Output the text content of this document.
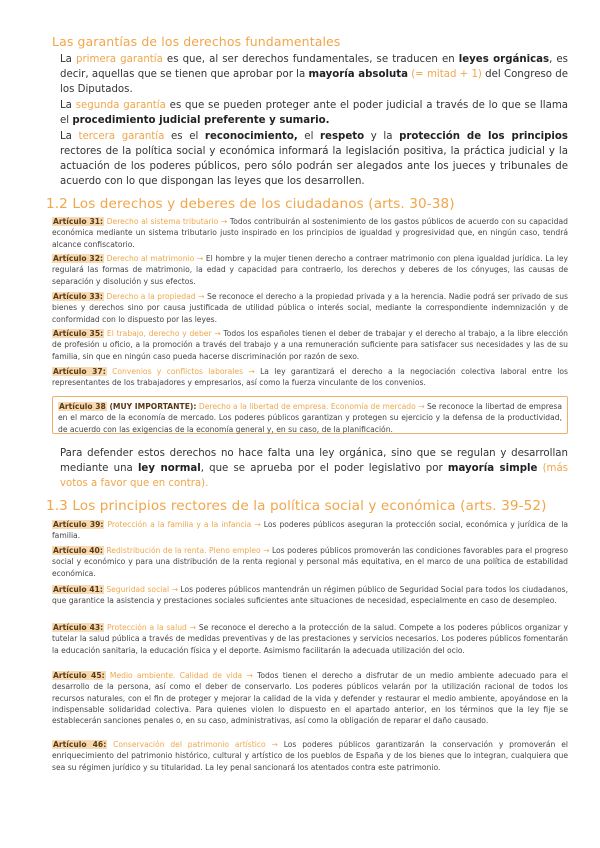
Las garantías de los derechos fundamentales
La primera garantía es que, al ser derechos fundamentales, se traducen en leyes orgánicas, es decir, aquellas que se tienen que aprobar por la mayoría absoluta (= mitad + 1) del Congreso de los Diputados.
La segunda garantía es que se pueden proteger ante el poder judicial a través de lo que se llama el procedimiento judicial preferente y sumario.
La tercera garantía es el reconocimiento, el respeto y la protección de los principios rectores de la política social y económica informará la legislación positiva, la práctica judicial y la actuación de los poderes públicos, pero sólo podrán ser alegados ante los jueces y tribunales de acuerdo con lo que dispongan las leyes que los desarrollen.
1.2 Los derechos y deberes de los ciudadanos (arts. 30-38)
Artículo 31: Derecho al sistema tributario → Todos contribuirán al sostenimiento de los gastos públicos de acuerdo con su capacidad económica mediante un sistema tributario justo inspirado en los principios de igualdad y progresividad que, en ningún caso, tendrá alcance confiscatorio.
Artículo 32: Derecho al matrimonio → El hombre y la mujer tienen derecho a contraer matrimonio con plena igualdad jurídica. La ley regulará las formas de matrimonio, la edad y capacidad para contraerlo, los derechos y deberes de los cónyuges, las causas de separación y disolución y sus efectos.
Artículo 33: Derecho a la propiedad → Se reconoce el derecho a la propiedad privada y a la herencia. Nadie podrá ser privado de sus bienes y derechos sino por causa justificada de utilidad pública o interés social, mediante la correspondiente indemnización y de conformidad con lo dispuesto por las leyes.
Artículo 35: El trabajo, derecho y deber → Todos los españoles tienen el deber de trabajar y el derecho al trabajo, a la libre elección de profesión u oficio, a la promoción a través del trabajo y a una remuneración suficiente para satisfacer sus necesidades y las de su familia, sin que en ningún caso pueda hacerse discriminación por razón de sexo.
Artículo 37: Convenios y conflictos laborales → La ley garantizará el derecho a la negociación colectiva laboral entre los representantes de los trabajadores y empresarios, así como la fuerza vinculante de los convenios.
Artículo 38 (MUY IMPORTANTE): Derecho a la libertad de empresa. Economía de mercado → Se reconoce la libertad de empresa en el marco de la economía de mercado. Los poderes públicos garantizan y protegen su ejercicio y la defensa de la productividad, de acuerdo con las exigencias de la economía general y, en su caso, de la planificación.
Para defender estos derechos no hace falta una ley orgánica, sino que se regulan y desarrollan mediante una ley normal, que se aprueba por el poder legislativo por mayoría simple (más votos a favor que en contra).
1.3 Los principios rectores de la política social y económica (arts. 39-52)
Artículo 39: Protección a la familia y a la infancia → Los poderes públicos aseguran la protección social, económica y jurídica de la familia.
Artículo 40: Redistribución de la renta. Pleno empleo → Los poderes públicos promoverán las condiciones favorables para el progreso social y económico y para una distribución de la renta regional y personal más equitativa, en el marco de una política de estabilidad económica.
Artículo 41: Seguridad social → Los poderes públicos mantendrán un régimen público de Seguridad Social para todos los ciudadanos, que garantice la asistencia y prestaciones sociales suficientes ante situaciones de necesidad, especialmente en caso de desempleo.
Artículo 43: Protección a la salud → Se reconoce el derecho a la protección de la salud. Compete a los poderes públicos organizar y tutelar la salud pública a través de medidas preventivas y de las prestaciones y servicios necesarios. Los poderes públicos fomentarán la educación sanitaria, la educación física y el deporte. Asimismo facilitarán la adecuada utilización del ocio.
Artículo 45: Medio ambiente. Calidad de vida → Todos tienen el derecho a disfrutar de un medio ambiente adecuado para el desarrollo de la persona, así como el deber de conservarlo. Los poderes públicos velarán por la utilización racional de todos los recursos naturales, con el fin de proteger y mejorar la calidad de la vida y defender y restaurar el medio ambiente, apoyándose en la indispensable solidaridad colectiva. Para quienes violen lo dispuesto en el apartado anterior, en los términos que la ley fije se establecerán sanciones penales o, en su caso, administrativas, así como la obligación de reparar el daño causado.
Artículo 46: Conservación del patrimonio artístico → Los poderes públicos garantizarán la conservación y promoverán el enriquecimiento del patrimonio histórico, cultural y artístico de los pueblos de España y de los bienes que lo integran, cualquiera que sea su régimen jurídico y su titularidad. La ley penal sancionará los atentados contra este patrimonio.
